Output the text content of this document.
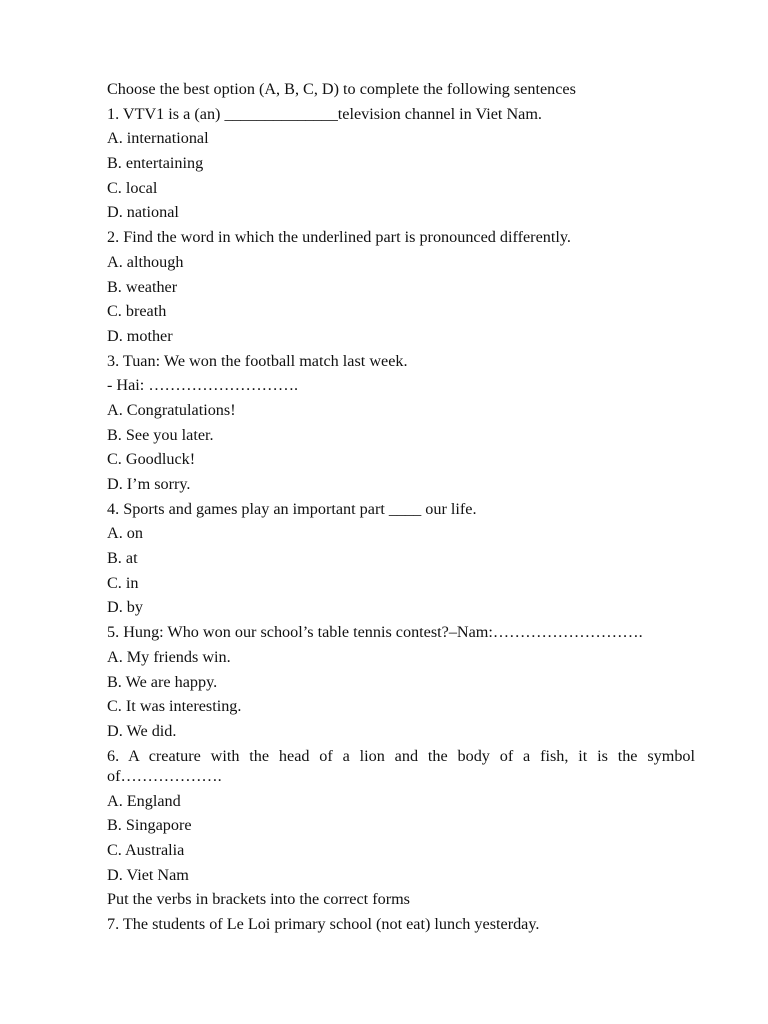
Choose the best option (A, B, C, D) to complete the following sentences
1. VTV1 is a (an) ______________television channel in Viet Nam.
A. international
B. entertaining
C. local
D. national
2. Find the word in which the underlined part is pronounced differently.
A. although
B. weather
C. breath
D. mother
3. Tuan: We won the football match last week.
- Hai: ……………………….
A. Congratulations!
B. See you later.
C. Goodluck!
D. I’m sorry.
4. Sports and games play an important part ____ our life.
A. on
B. at
C. in
D. by
5. Hung: Who won our school’s table tennis contest?–Nam:……………………….
A. My friends win.
B. We are happy.
C. It was interesting.
D. We did.
6. A creature with the head of a lion and the body of a fish, it is the symbol of……………….
A. England
B. Singapore
C. Australia
D. Viet Nam
Put the verbs in brackets into the correct forms
7. The students of Le Loi primary school (not eat) lunch yesterday.
